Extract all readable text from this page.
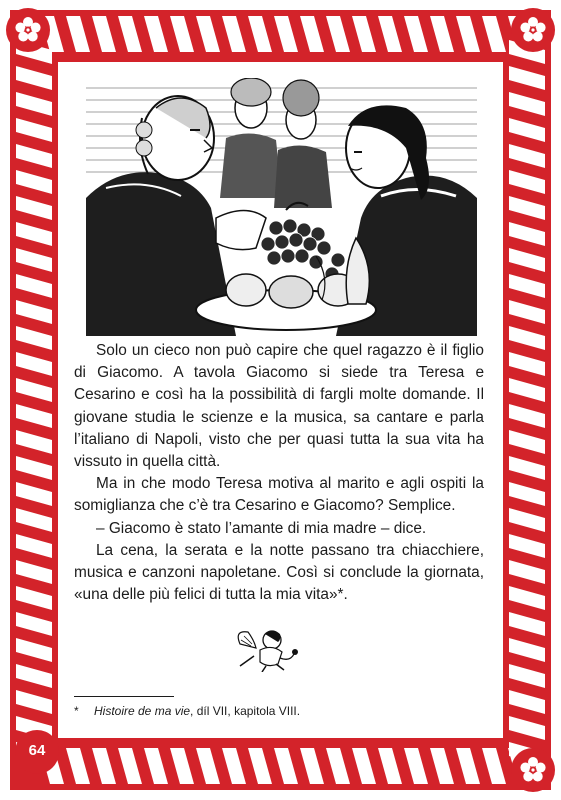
Solo un cieco non può capire che quel ragazzo è il figlio di Giacomo. A tavola Giacomo si siede tra Teresa e Cesarino e così ha la possibilità di fargli molte domande. Il giovane studia le scienze e la musica, sa cantare e parla l’italiano di Napoli, visto che per quasi tutta la sua vita ha vissuto in quella città.

Ma in che modo Teresa motiva al marito e agli ospiti la somiglianza che c’è tra Cesarino e Giacomo? Semplice.

– Giacomo è stato l’amante di mia madre – dice.

La cena, la serata e la notte passano tra chiacchiere, musica e canzoni napoletane. Così si conclude la giornata, «una delle più felici di tutta la mia vita»*.

* Histoire de ma vie, díl VII, kapitola VIII.
64
